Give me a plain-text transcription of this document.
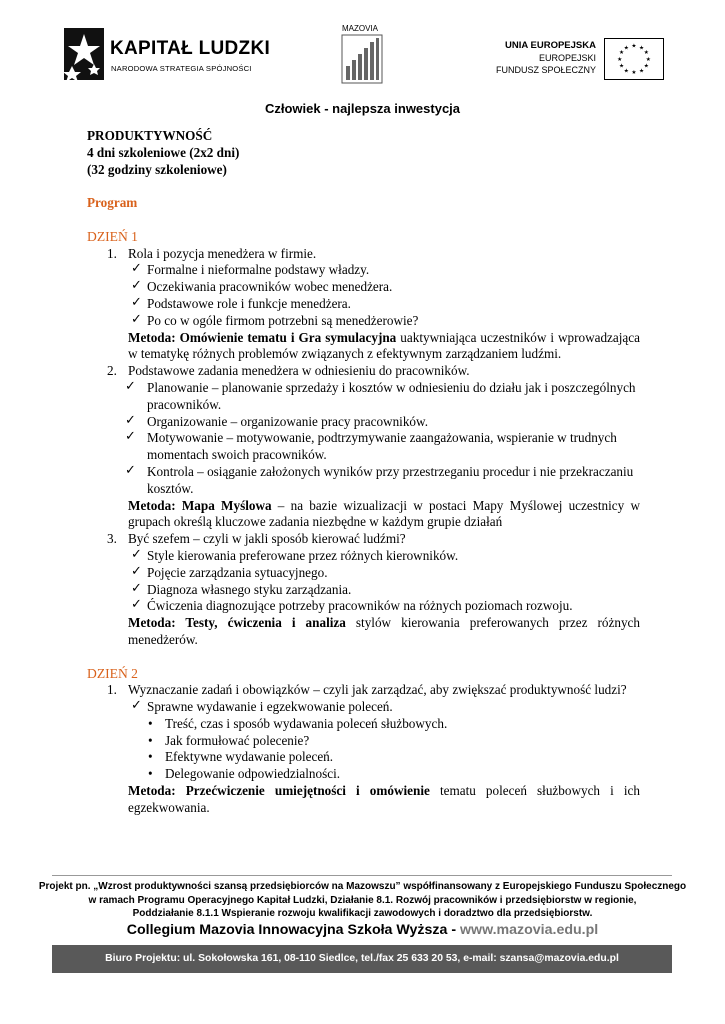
KAPITAŁ LUDZKI
NARODOWA STRATEGIA SPÓJNOŚCI
MAZOVIA
UNIA EUROPEJSKA
EUROPEJSKI
FUNDUSZ SPOŁECZNY
★ ★
★
★
★
★
★
★
★
★
★
★
Człowiek - najlepsza inwestycja
PRODUKTYWNOŚĆ
4 dni szkoleniowe (2x2 dni)
(32 godziny szkoleniowe)
Program
DZIEŃ 1
1. Rola i pozycja menedżera w firmie.
✓ Formalne i nieformalne podstawy władzy.
✓ Oczekiwania pracowników wobec menedżera.
✓ Podstawowe role i funkcje menedżera.
✓ Po co w ogóle firmom potrzebni są menedżerowie?
Metoda: Omówienie tematu i Gra symulacyjna uaktywniająca uczestników i wprowadzająca w tematykę różnych problemów związanych z efektywnym zarządzaniem ludźmi.
2. Podstawowe zadania menedżera w odniesieniu do pracowników.
✓ Planowanie – planowanie sprzedaży i kosztów w odniesieniu do działu jak i poszczególnych pracowników.
✓ Organizowanie – organizowanie pracy pracowników.
✓ Motywowanie – motywowanie, podtrzymywanie zaangażowania, wspieranie w trudnych momentach swoich pracowników.
✓ Kontrola – osiąganie założonych wyników przy przestrzeganiu procedur i nie przekraczaniu kosztów.
Metoda: Mapa Myślowa – na bazie wizualizacji w postaci Mapy Myślowej uczestnicy w grupach określą kluczowe zadania niezbędne w każdym grupie działań
3. Być szefem – czyli w jakli sposób kierować ludźmi?
✓ Style kierowania preferowane przez różnych kierowników.
✓ Pojęcie zarządzania sytuacyjnego.
✓ Diagnoza własnego styku zarządzania.
✓ Ćwiczenia diagnozujące potrzeby pracowników na różnych poziomach rozwoju.
Metoda: Testy, ćwiczenia i analiza stylów kierowania preferowanych przez różnych menedżerów.
DZIEŃ 2
1. Wyznaczanie zadań i obowiązków – czyli jak zarządzać, aby zwiększać produktywność ludzi?
✓ Sprawne wydawanie i egzekwowanie poleceń.
• Treść, czas i sposób wydawania poleceń służbowych.
• Jak formułować polecenie?
• Efektywne wydawanie poleceń.
• Delegowanie odpowiedzialności.
Metoda: Przećwiczenie umiejętności i omówienie tematu poleceń służbowych i ich egzekwowania.
Projekt pn. „Wzrost produktywności szansą przedsiębiorców na Mazowszu” współfinansowany z Europejskiego Funduszu Społecznego
w ramach Programu Operacyjnego Kapitał Ludzki, Działanie 8.1. Rozwój pracowników i przedsiębiorstw w regionie,
Poddziałanie 8.1.1 Wspieranie rozwoju kwalifikacji zawodowych i doradztwo dla przedsiębiorstw.
Collegium Mazovia Innowacyjna Szkoła Wyższa - www.mazovia.edu.pl
Biuro Projektu: ul. Sokołowska 161, 08-110 Siedlce, tel./fax 25 633 20 53, e-mail: szansa@mazovia.edu.pl
